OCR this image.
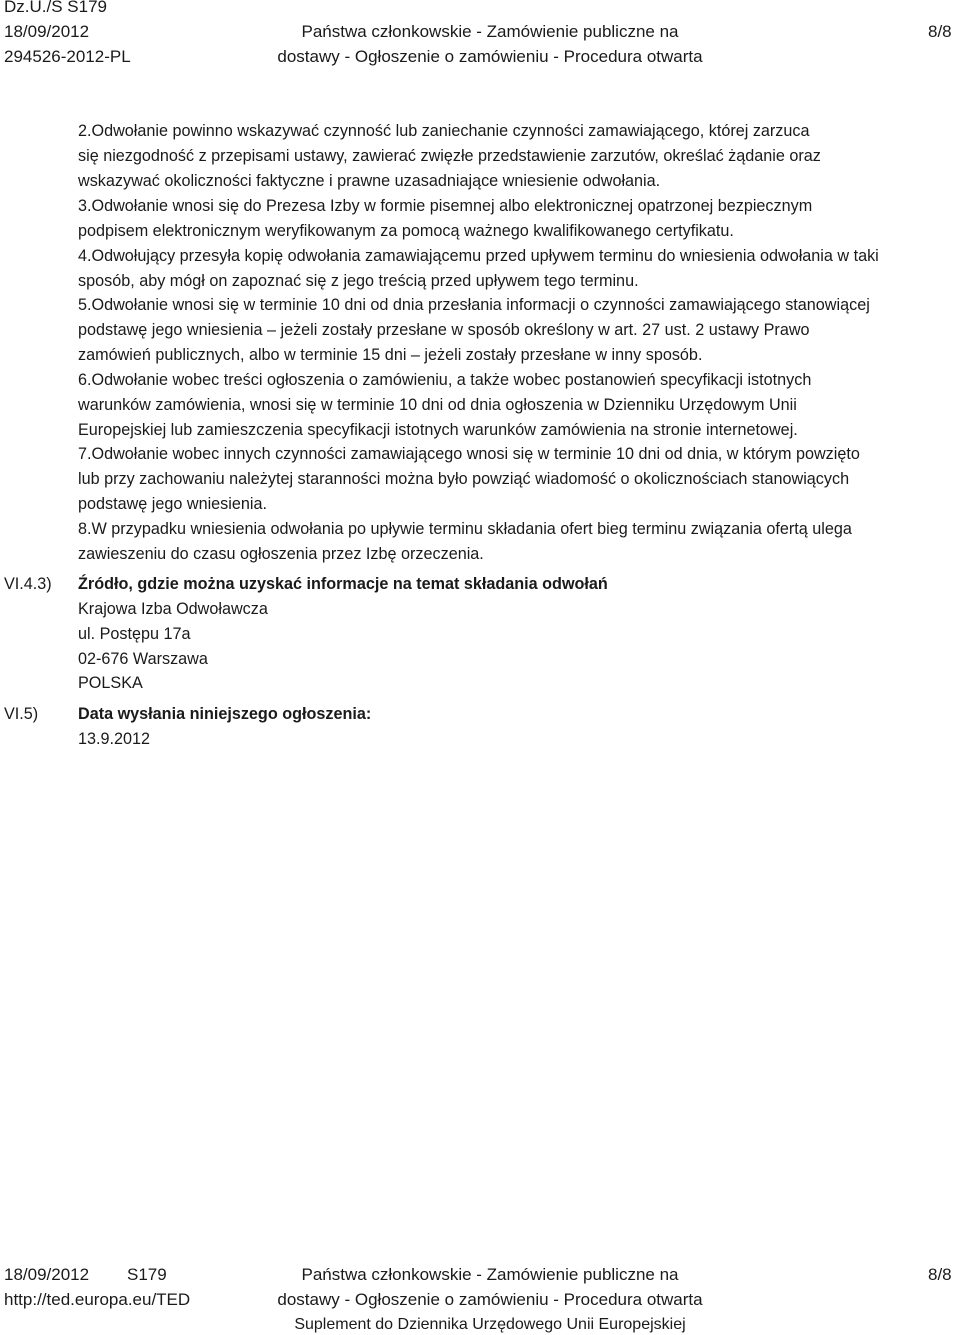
Dz.U./S S179
18/09/2012
294526-2012-PL
Państwa członkowskie - Zamówienie publiczne na
dostawy - Ogłoszenie o zamówieniu - Procedura otwarta
8/8
2.Odwołanie powinno wskazywać czynność lub zaniechanie czynności zamawiającego, której zarzuca
się niezgodność z przepisami ustawy, zawierać zwięzłe przedstawienie zarzutów, określać żądanie oraz
wskazywać okoliczności faktyczne i prawne uzasadniające wniesienie odwołania.
3.Odwołanie wnosi się do Prezesa Izby w formie pisemnej albo elektronicznej opatrzonej bezpiecznym
podpisem elektronicznym weryfikowanym za pomocą ważnego kwalifikowanego certyfikatu.
4.Odwołujący przesyła kopię odwołania zamawiającemu przed upływem terminu do wniesienia odwołania w taki
sposób, aby mógł on zapoznać się z jego treścią przed upływem tego terminu.
5.Odwołanie wnosi się w terminie 10 dni od dnia przesłania informacji o czynności zamawiającego stanowiącej
podstawę jego wniesienia – jeżeli zostały przesłane w sposób określony w art. 27 ust. 2 ustawy Prawo
zamówień publicznych, albo w terminie 15 dni – jeżeli zostały przesłane w inny sposób.
6.Odwołanie wobec treści ogłoszenia o zamówieniu, a także wobec postanowień specyfikacji istotnych
warunków zamówienia, wnosi się w terminie 10 dni od dnia ogłoszenia w Dzienniku Urzędowym Unii
Europejskiej lub zamieszczenia specyfikacji istotnych warunków zamówienia na stronie internetowej.
7.Odwołanie wobec innych czynności zamawiającego wnosi się w terminie 10 dni od dnia, w którym powzięto
lub przy zachowaniu należytej staranności można było powziąć wiadomość o okolicznościach stanowiących
podstawę jego wniesienia.
8.W przypadku wniesienia odwołania po upływie terminu składania ofert bieg terminu związania ofertą ulega
zawieszeniu do czasu ogłoszenia przez Izbę orzeczenia.
VI.4.3) Źródło, gdzie można uzyskać informacje na temat składania odwołań
Krajowa Izba Odwoławcza
ul. Postępu 17a
02-676 Warszawa
POLSKA
VI.5) Data wysłania niniejszego ogłoszenia:
13.9.2012
18/09/2012 S179
http://ted.europa.eu/TED
Państwa członkowskie - Zamówienie publiczne na
dostawy - Ogłoszenie o zamówieniu - Procedura otwarta
Suplement do Dziennika Urzędowego Unii Europejskiej
8/8
